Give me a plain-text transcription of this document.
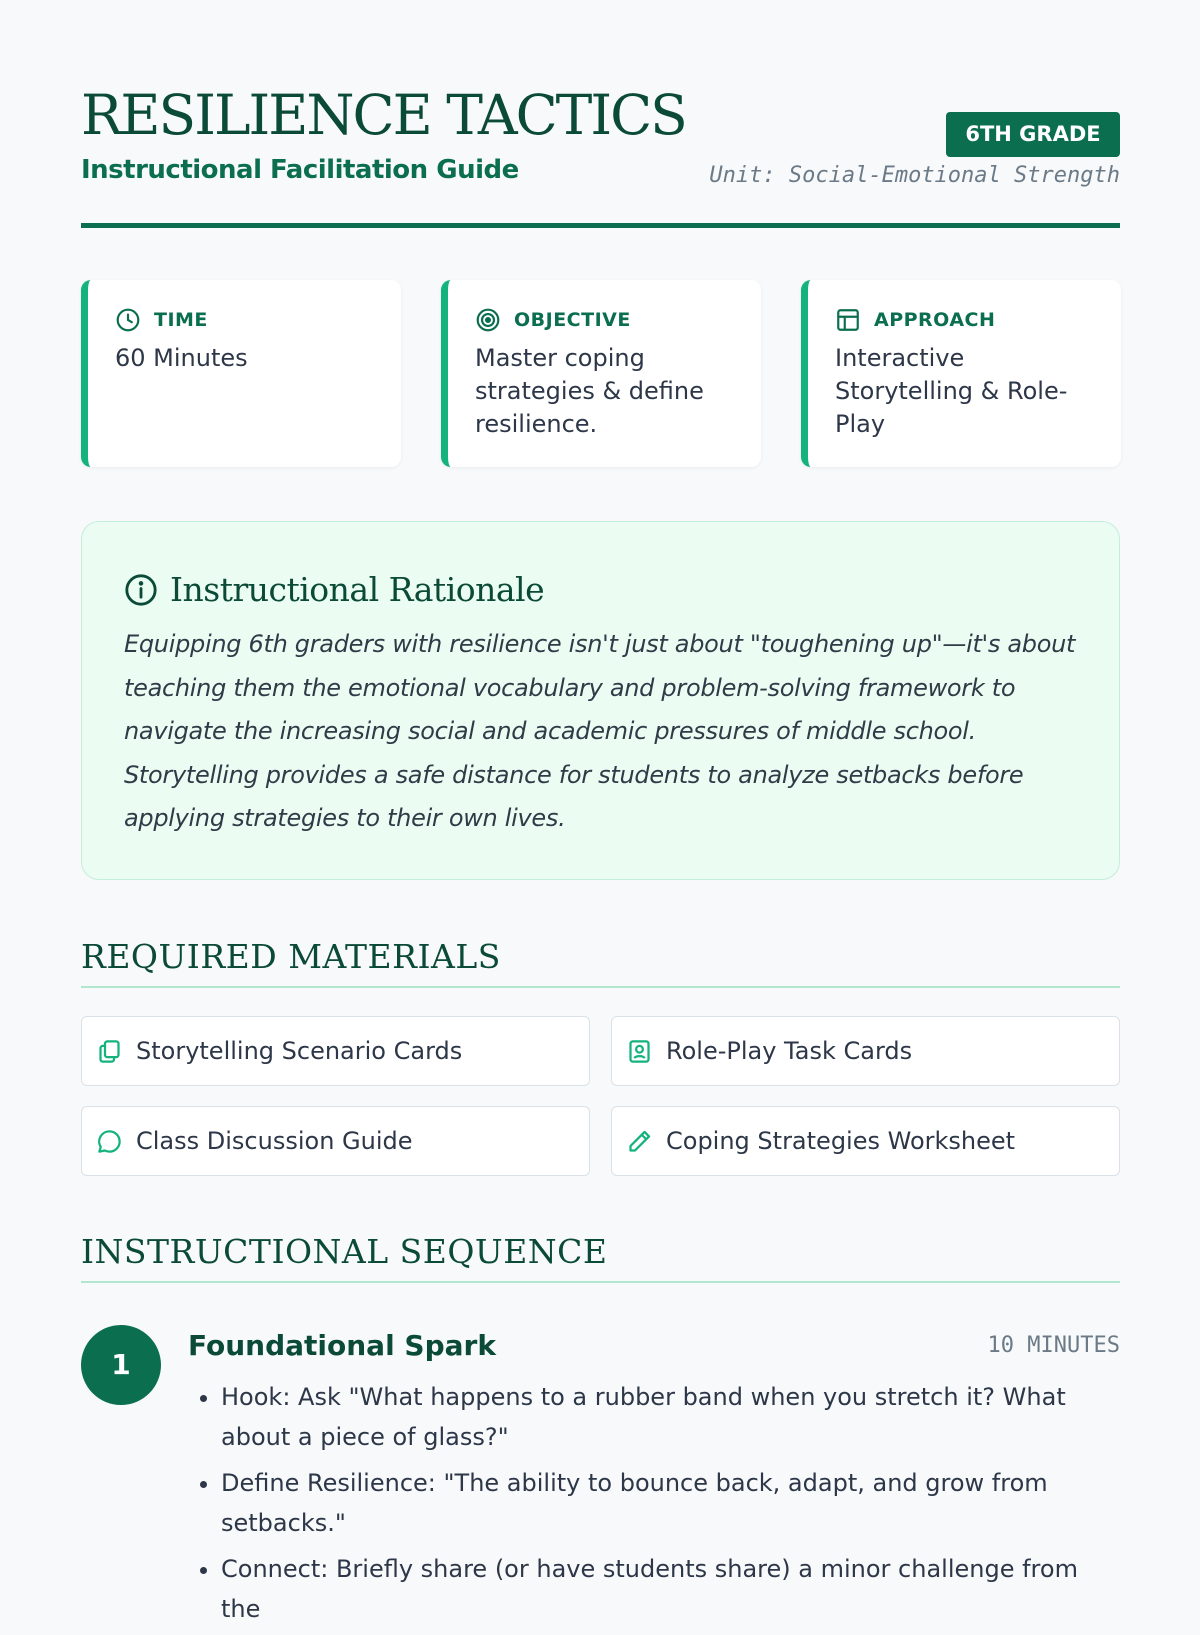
RESILIENCE TACTICS
Instructional Facilitation Guide
6TH GRADE
Unit: Social-Emotional Strength
TIME
60 Minutes
OBJECTIVE
Master coping strategies & define resilience.
APPROACH
Interactive Storytelling & Role-Play
Instructional Rationale
Equipping 6th graders with resilience isn't just about "toughening up"—it's about teaching them the emotional vocabulary and problem-solving framework to navigate the increasing social and academic pressures of middle school. Storytelling provides a safe distance for students to analyze setbacks before applying strategies to their own lives.
REQUIRED MATERIALS
Storytelling Scenario Cards	Role-Play Task Cards
Class Discussion Guide	Coping Strategies Worksheet
INSTRUCTIONAL SEQUENCE
1
Foundational Spark	10 MINUTES
• Hook: Ask "What happens to a rubber band when you stretch it? What about a piece of glass?"
• Define Resilience: "The ability to bounce back, adapt, and grow from setbacks."
• Connect: Briefly share (or have students share) a minor challenge from the
